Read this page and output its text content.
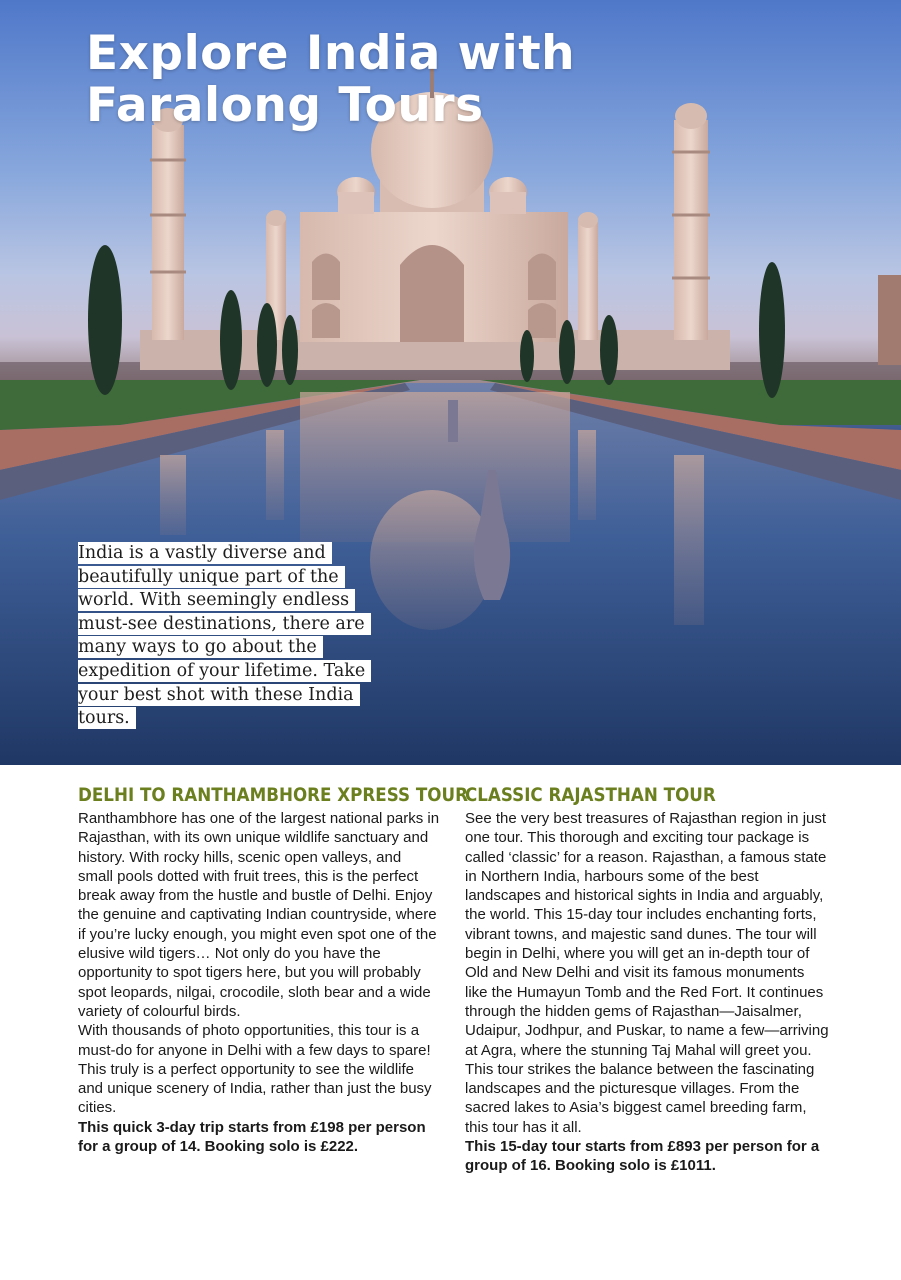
Explore India with Faralong Tours
India is a vastly diverse and beautifully unique part of the world. With seemingly endless must-see destinations, there are many ways to go about the expedition of your lifetime. Take your best shot with these India tours.
DELHI TO RANTHAMBHORE XPRESS TOUR

Ranthambhore has one of the largest national parks in Rajasthan, with its own unique wildlife sanctuary and history. With rocky hills, scenic open valleys, and small pools dotted with fruit trees, this is the perfect break away from the hustle and bustle of Delhi. Enjoy the genuine and captivating Indian countryside, where if you’re lucky enough, you might even spot one of the elusive wild tigers… Not only do you have the opportunity to spot tigers here, but you will probably spot leopards, nilgai, crocodile, sloth bear and a wide variety of colourful birds.

With thousands of photo opportunities, this tour is a must-do for anyone in Delhi with a few days to spare! This truly is a perfect opportunity to see the wildlife and unique scenery of India, rather than just the busy cities.

This quick 3-day trip starts from £198 per person for a group of 14. Booking solo is £222.

CLASSIC RAJASTHAN TOUR

See the very best treasures of Rajasthan region in just one tour. This thorough and exciting tour package is called ‘classic’ for a reason. Rajasthan, a famous state in Northern India, harbours some of the best landscapes and historical sights in India and arguably, the world. This 15-day tour includes enchanting forts, vibrant towns, and majestic sand dunes. The tour will begin in Delhi, where you will get an in-depth tour of Old and New Delhi and visit its famous monuments like the Humayun Tomb and the Red Fort. It continues through the hidden gems of Rajasthan—Jaisalmer, Udaipur, Jodhpur, and Puskar, to name a few—arriving at Agra, where the stunning Taj Mahal will greet you. This tour strikes the balance between the fascinating landscapes and the picturesque villages. From the sacred lakes to Asia’s biggest camel breeding farm, this tour has it all.

This 15-day tour starts from £893 per person for a group of 16. Booking solo is £1011.
